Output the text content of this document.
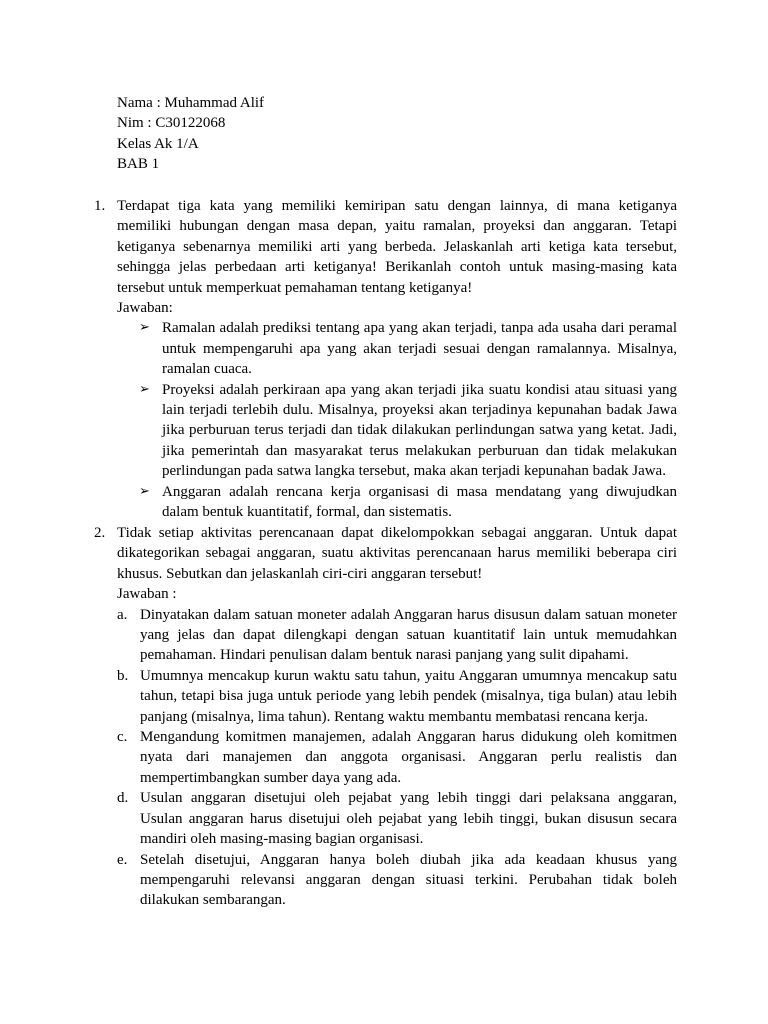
Nama : Muhammad Alif
Nim : C30122068
Kelas Ak 1/A
BAB 1
1. Terdapat tiga kata yang memiliki kemiripan satu dengan lainnya, di mana ketiganya memiliki hubungan dengan masa depan, yaitu ramalan, proyeksi dan anggaran. Tetapi ketiganya sebenarnya memiliki arti yang berbeda. Jelaskanlah arti ketiga kata tersebut, sehingga jelas perbedaan arti ketiganya! Berikanlah contoh untuk masing-masing kata tersebut untuk memperkuat pemahaman tentang ketiganya!
Jawaban:
➢ Ramalan adalah prediksi tentang apa yang akan terjadi, tanpa ada usaha dari peramal untuk mempengaruhi apa yang akan terjadi sesuai dengan ramalannya. Misalnya, ramalan cuaca.
➢ Proyeksi adalah perkiraan apa yang akan terjadi jika suatu kondisi atau situasi yang lain terjadi terlebih dulu. Misalnya, proyeksi akan terjadinya kepunahan badak Jawa jika perburuan terus terjadi dan tidak dilakukan perlindungan satwa yang ketat. Jadi, jika pemerintah dan masyarakat terus melakukan perburuan dan tidak melakukan perlindungan pada satwa langka tersebut, maka akan terjadi kepunahan badak Jawa.
➢ Anggaran adalah rencana kerja organisasi di masa mendatang yang diwujudkan dalam bentuk kuantitatif, formal, dan sistematis.
2. Tidak setiap aktivitas perencanaan dapat dikelompokkan sebagai anggaran. Untuk dapat dikategorikan sebagai anggaran, suatu aktivitas perencanaan harus memiliki beberapa ciri khusus. Sebutkan dan jelaskanlah ciri-ciri anggaran tersebut!
Jawaban :
a. Dinyatakan dalam satuan moneter adalah Anggaran harus disusun dalam satuan moneter yang jelas dan dapat dilengkapi dengan satuan kuantitatif lain untuk memudahkan pemahaman. Hindari penulisan dalam bentuk narasi panjang yang sulit dipahami.
b. Umumnya mencakup kurun waktu satu tahun, yaitu Anggaran umumnya mencakup satu tahun, tetapi bisa juga untuk periode yang lebih pendek (misalnya, tiga bulan) atau lebih panjang (misalnya, lima tahun). Rentang waktu membantu membatasi rencana kerja.
c. Mengandung komitmen manajemen, adalah Anggaran harus didukung oleh komitmen nyata dari manajemen dan anggota organisasi. Anggaran perlu realistis dan mempertimbangkan sumber daya yang ada.
d. Usulan anggaran disetujui oleh pejabat yang lebih tinggi dari pelaksana anggaran, Usulan anggaran harus disetujui oleh pejabat yang lebih tinggi, bukan disusun secara mandiri oleh masing-masing bagian organisasi.
e. Setelah disetujui, Anggaran hanya boleh diubah jika ada keadaan khusus yang mempengaruhi relevansi anggaran dengan situasi terkini. Perubahan tidak boleh dilakukan sembarangan.
